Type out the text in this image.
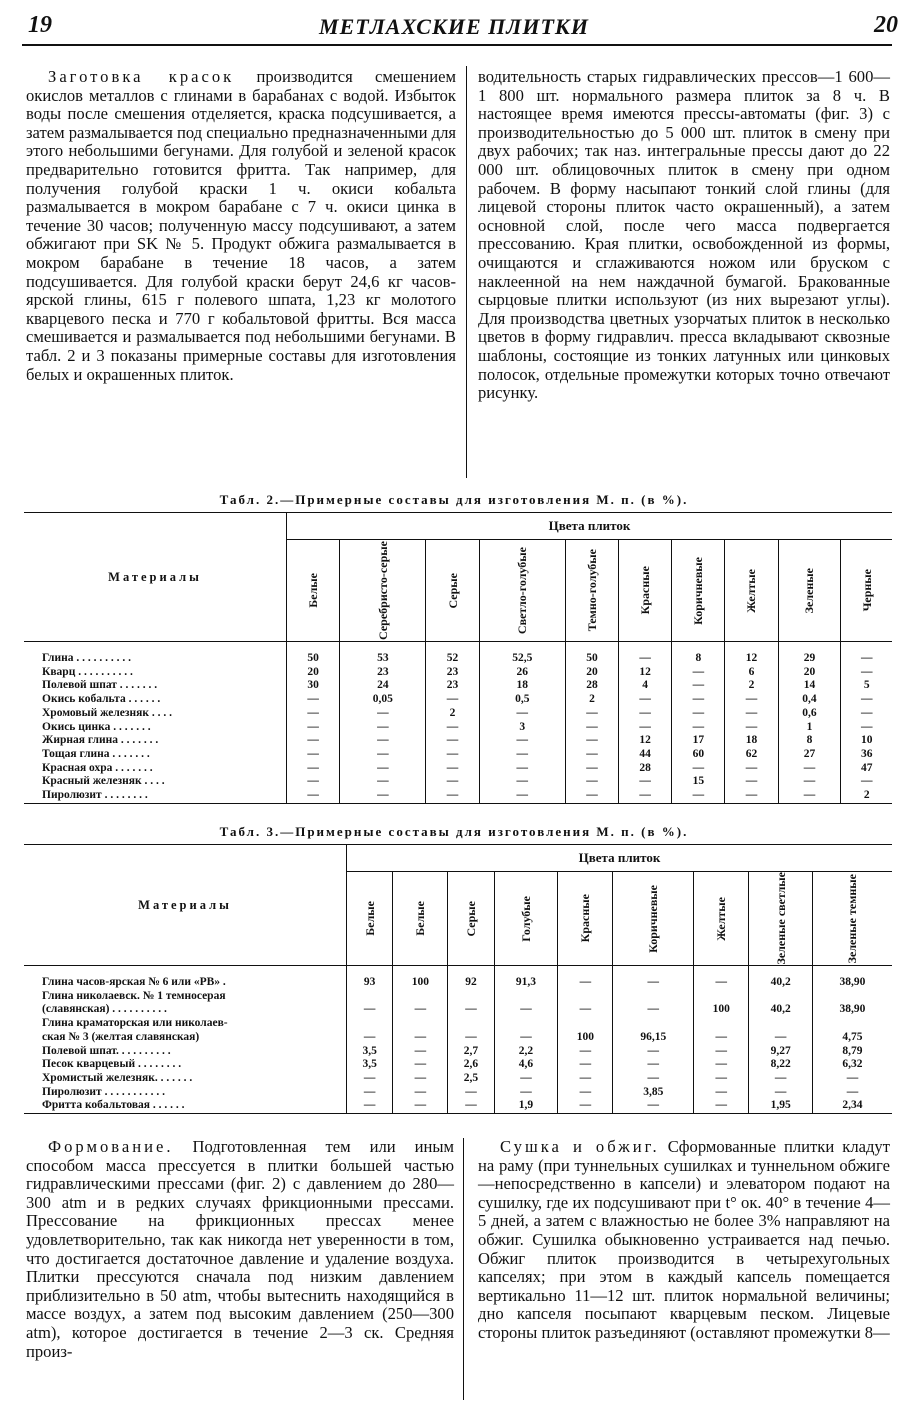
19	МЕТЛАХСКИЕ ПЛИТКИ	20

Заготовка красок производится смешением окислов металлов с глинами в барабанах с водой. Избыток воды после смешения отделяется, краска подсушивается, а затем размалывается под специально предназначенными для этого небольшими бегунами. Для голубой и зеленой красок предварительно готовится фритта. Так например, для получения голубой краски 1 ч. окиси кобальта размалывается в мокром барабане с 7 ч. окиси цинка в течение 30 часов; полученную массу подсушивают, а затем обжигают при SK № 5. Продукт обжига размалывается в мокром барабане в течение 18 часов, а затем подсушивается. Для голубой краски берут 24,6 кг часов-ярской глины, 615 г полевого шпата, 1,23 кг молотого кварцевого песка и 770 г кобальтовой фритты. Вся масса смешивается и размалывается под небольшими бегунами. В табл. 2 и 3 показаны примерные составы для изготовления белых и окрашенных плиток.

водительность старых гидравлических прессов—1 600—1 800 шт. нормального размера плиток за 8 ч. В настоящее время имеются прессы-автоматы (фиг. 3) с производительностью до 5 000 шт. плиток в смену при двух рабочих; так наз. интегральные прессы дают до 22 000 шт. облицовочных плиток в смену при одном рабочем. В форму насыпают тонкий слой глины (для лицевой стороны плиток часто окрашенный), а затем основной слой, после чего масса подвергается прессованию. Края плитки, освобожденной из формы, очищаются и сглаживаются ножом или бруском с наклеенной на нем наждачной бумагой. Бракованные сырцовые плитки используют (из них вырезают углы). Для производства цветных узорчатых плиток в несколько цветов в форму гидравлич. пресса вкладывают сквозные шаблоны, состоящие из тонких латунных или цинковых полосок, отдельные промежутки которых точно отвечают рисунку.

Табл. 2.—Примерные составы для изготовления М. п. (в %).
Материалы	Цвета плиток									

	Белые	Серебристо-серые	Серые	Светло-голубые	Темно-голубые	Красные	Коричневые	Желтые	Зеленые	Черные

Глина . . . . . . . . . .	50	53	52	52,5	50	—	8	12	29	—
Кварц . . . . . . . . . .	20	23	23	26	20	12	—	6	20	—
Полевой шпат . . . . . . .	30	24	23	18	28	4	—	2	14	5
Окись кобальта . . . . . .	—	0,05	—	0,5	2	—	—	—	0,4	—
Хромовый железняк . . . .	—	—	2	—	—	—	—	—	0,6	—
Окись цинка . . . . . . .	—	—	—	3	—	—	—	—	1	—
Жирная глина . . . . . . .	—	—	—	—	—	12	17	18	8	10
Тощая глина . . . . . . .	—	—	—	—	—	44	60	62	27	36
Красная охра . . . . . . .	—	—	—	—	—	28	—	—	—	47
Красный железняк . . . .	—	—	—	—	—	—	15	—	—	—
Пиролюзит . . . . . . . .	—	—	—	—	—	—	—	—	—	2
Табл. 3.—Примерные составы для изготовления М. п. (в %).
Материалы	Цвета плиток								

	Белые	Белые	Серые	Голубые	Красные	Коричневые	Желтые	Зеленые светлые	Зеленые темные

Глина часов-ярская № 6 или «РВ» .	93	100	92	91,3	—	—	—	40,2	38,90
Глина николаевск. № 1 темносерая									
(славянская) . . . . . . . . . .	—	—	—	—	—	—	100	40,2	38,90
Глина краматорская или николаев-									
ская № 3 (желтая славянская)	—	—	—	—	100	96,15	—	—	4,75
Полевой шпат. . . . . . . . . .	3,5	—	2,7	2,2	—	—	—	9,27	8,79
Песок кварцевый . . . . . . . .	3,5	—	2,6	4,6	—	—	—	8,22	6,32
Хромистый железняк. . . . . . .	—	—	2,5	—	—	—	—	—	—
Пиролюзит . . . . . . . . . . .	—	—	—	—	—	3,85	—	—	—
Фритта кобальтовая . . . . . .	—	—	—	1,9	—	—	—	1,95	2,34

Формование. Подготовленная тем или иным способом масса прессуется в плитки большей частью гидравлическими прессами (фиг. 2) с давлением до 280—300 atm и в редких случаях фрикционными прессами. Прессование на фрикционных прессах менее удовлетворительно, так как никогда нет уверенности в том, что достигается достаточное давление и удаление воздуха. Плитки прессуются сначала под низким давлением приблизительно в 50 atm, чтобы вытеснить находящийся в массе воздух, а затем под высоким давлением (250—300 atm), которое достигается в течение 2—3 ск. Средняя произ-

Сушка и обжиг. Сформованные плитки кладут на раму (при туннельных сушилках и туннельном обжиге—непосредственно в капсели) и элеватором подают на сушилку, где их подсушивают при t° ок. 40° в течение 4—5 дней, а затем с влажностью не более 3% направляют на обжиг. Сушилка обыкновенно устраивается над печью. Обжиг плиток производится в четырехугольных капселях; при этом в каждый капсель помещается вертикально 11—12 шт. плиток нормальной величины; дно капселя посыпают кварцевым песком. Лицевые стороны плиток разъединяют (оставляют промежутки 8—
